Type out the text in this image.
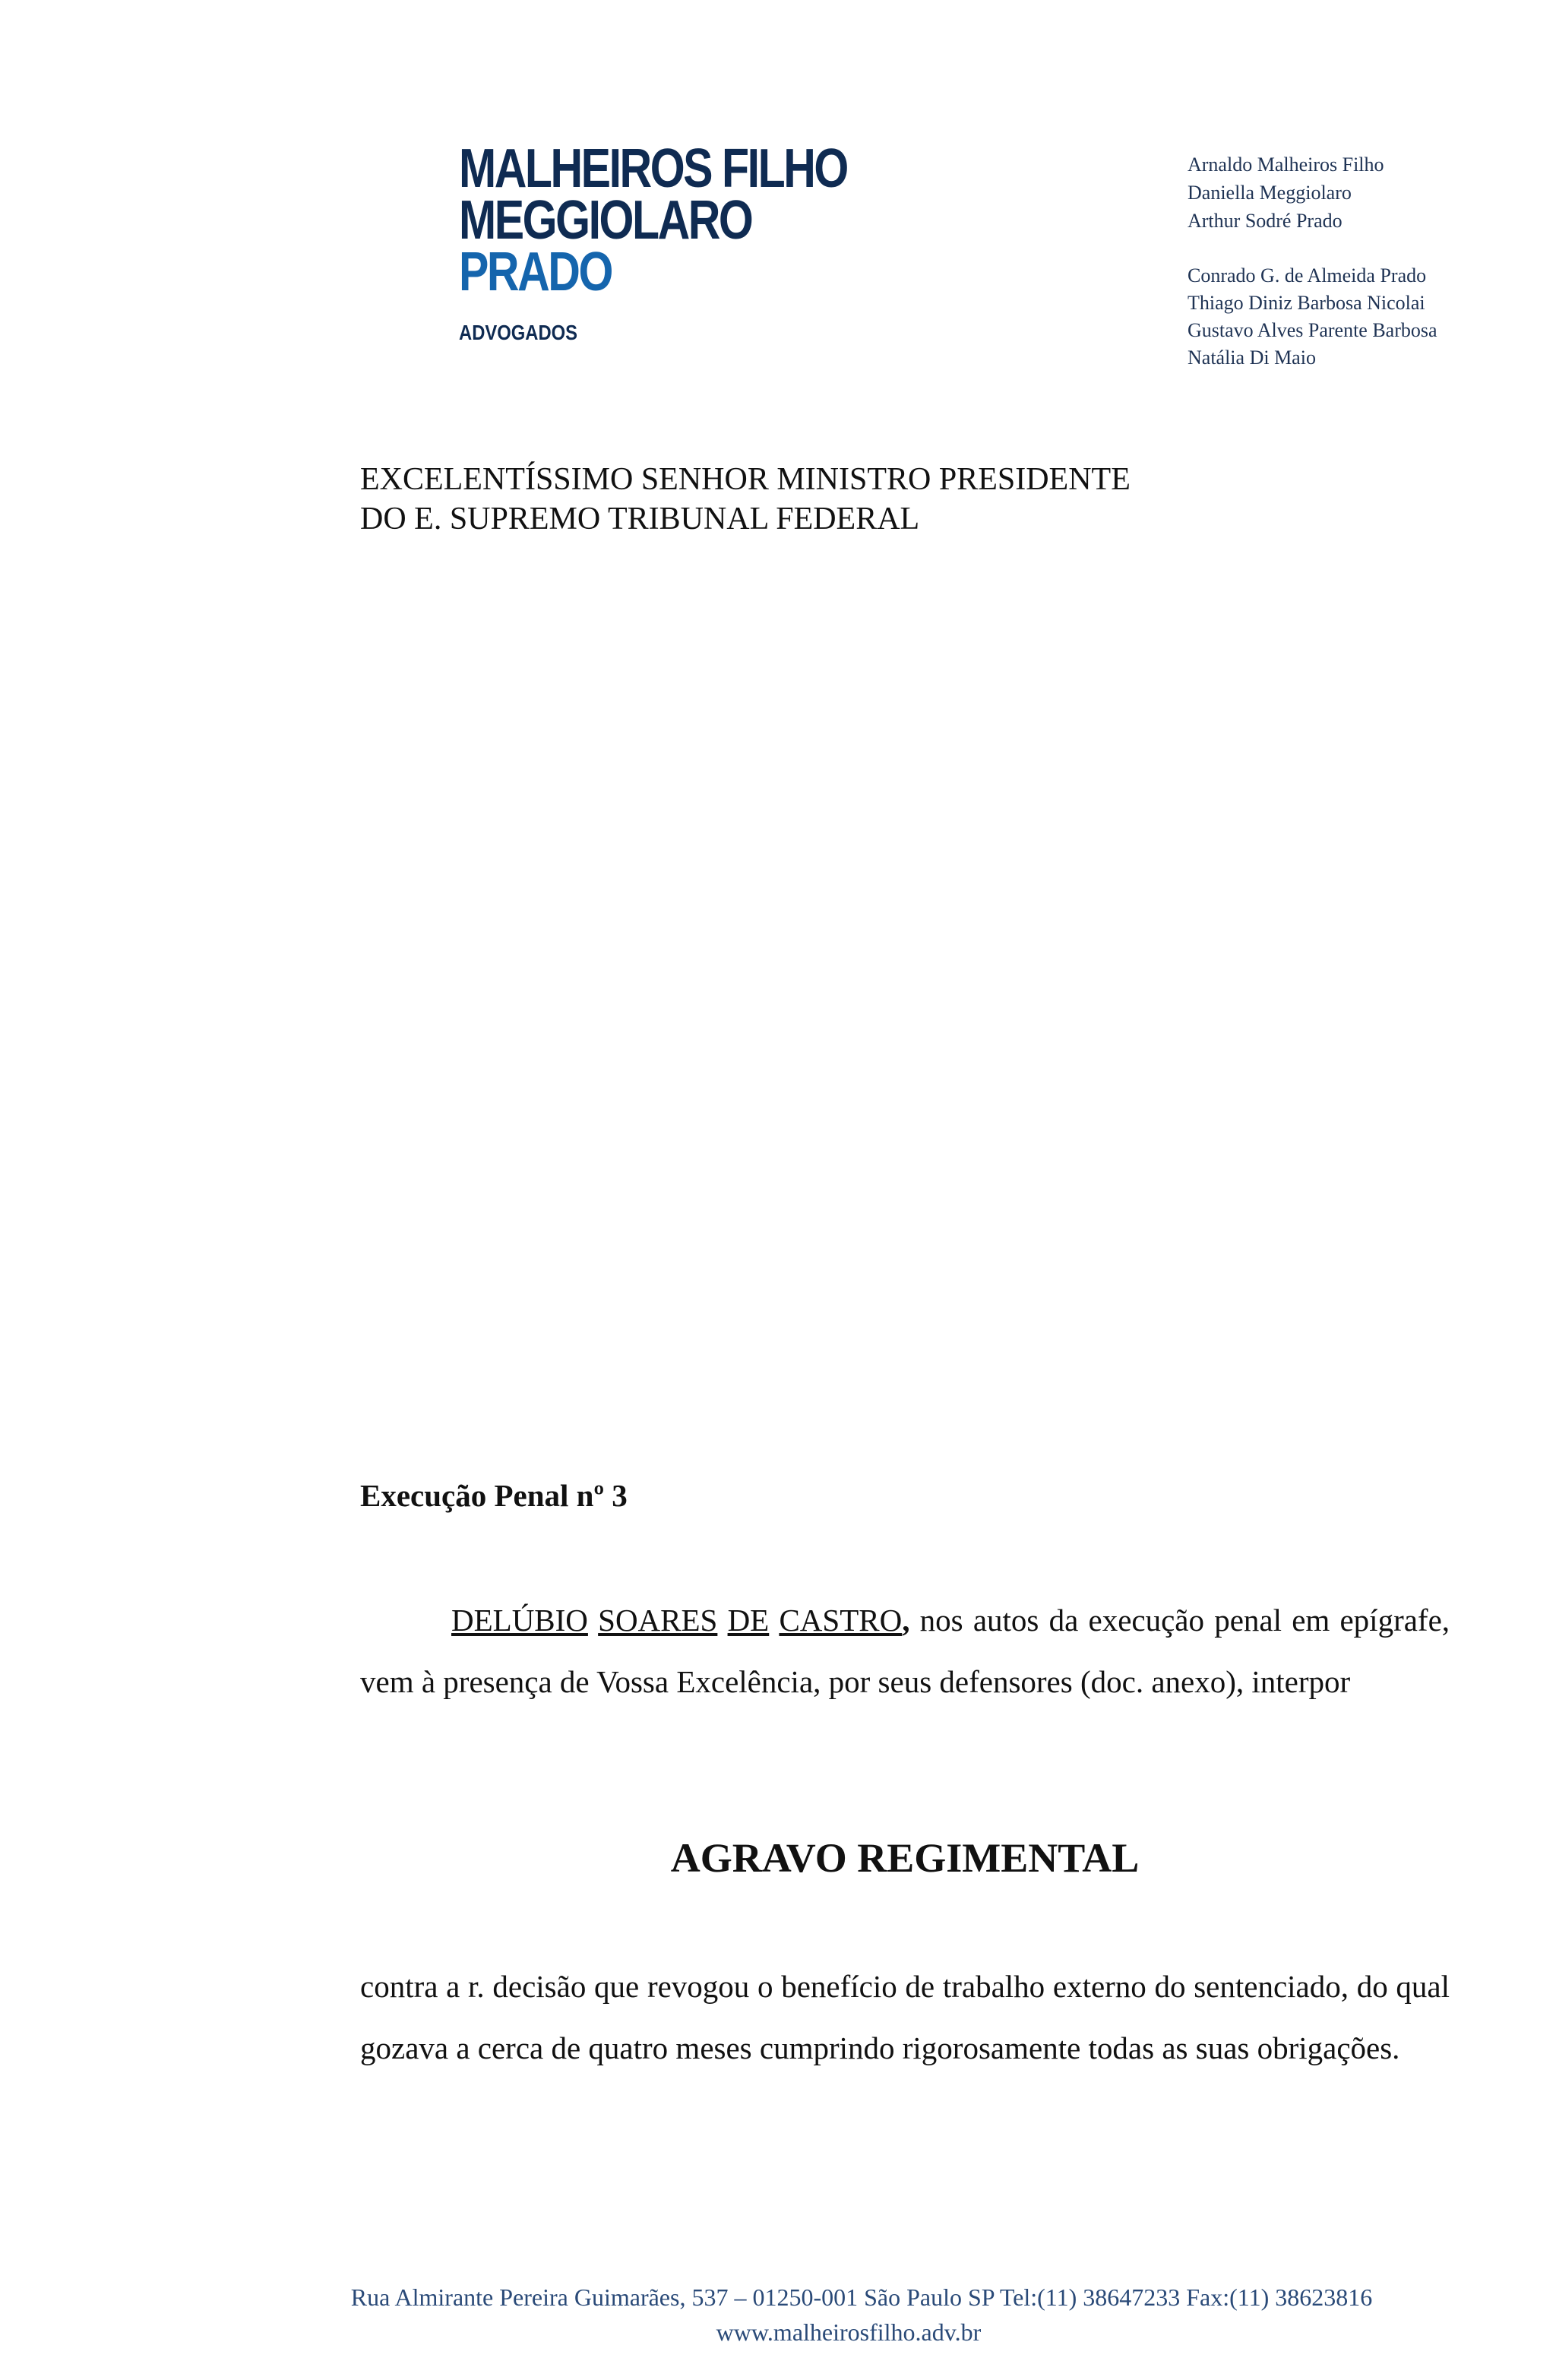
MALHEIROS FILHO
MEGGIOLARO
PRADO
ADVOGADOS
Arnaldo Malheiros Filho
Daniella Meggiolaro
Arthur Sodré Prado
Conrado G. de Almeida Prado
Thiago Diniz Barbosa Nicolai
Gustavo Alves Parente Barbosa
Natália Di Maio
EXCELENTÍSSIMO SENHOR MINISTRO PRESIDENTE
DO E. SUPREMO TRIBUNAL FEDERAL
Execução Penal nº 3
DELÚBIO SOARES DE CASTRO, nos autos da execução penal em epígrafe, vem à presença de Vossa Excelência, por seus defensores (doc. anexo), interpor
AGRAVO REGIMENTAL
contra a r. decisão que revogou o benefício de trabalho externo do sentenciado, do qual gozava a cerca de quatro meses cumprindo rigorosamente todas as suas obrigações.
Rua Almirante Pereira Guimarães, 537 – 01250-001 São Paulo SP Tel:(11) 38647233 Fax:(11) 38623816
www.malheirosfilho.adv.br
